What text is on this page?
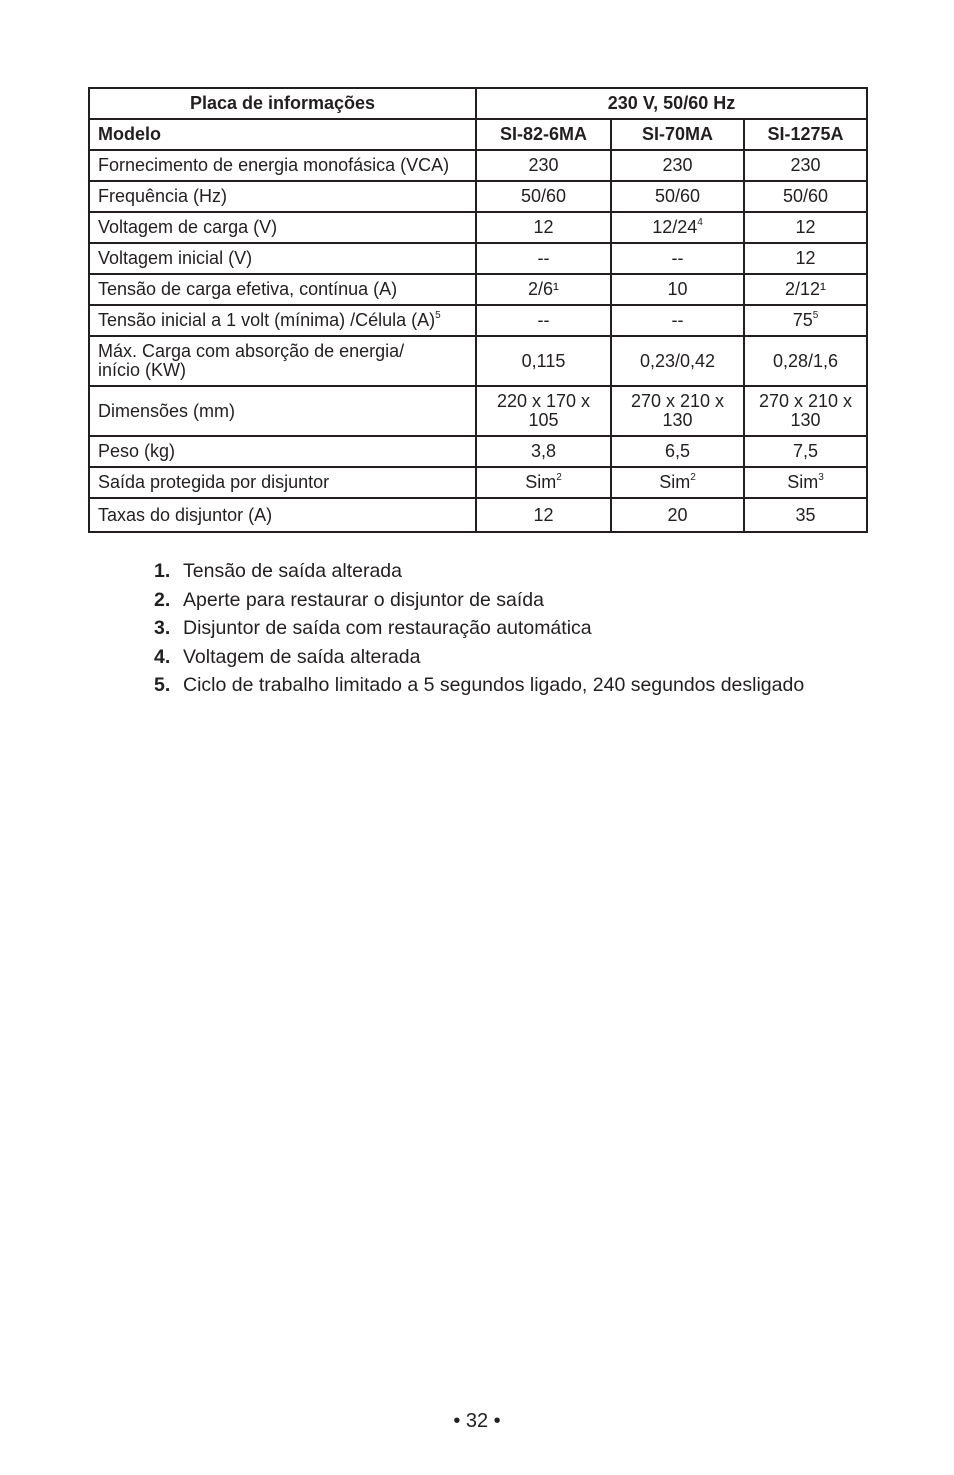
Placa de informações	230 V, 50/60 Hz		
Modelo	SI-82-6MA	SI-70MA	SI-1275A
Fornecimento de energia monofásica (VCA)	230	230	230
Frequência (Hz)	50/60	50/60	50/60
Voltagem de carga (V)	12	$12/24^4$	12
Voltagem inicial (V)	--	--	12
Tensão de carga efetiva, contínua (A)	2/6¹	10	2/12¹
Tensão inicial a 1 volt (mínima) /Célula $(A)^5$	--	--	$75^5$
Máx. Carga com absorção de energia/ início (KW)	0,115	0,23/0,42	0,28/1,6
Dimensões (mm)	220 x 170 x 105	270 x 210 x 130	270 x 210 x 130
Peso (kg)	3,8	6,5	7,5
Saída protegida por disjuntor	Sim$^2$	Sim$^2$	Sim$^3$
Taxas do disjuntor (A)	12	20	35
1. Tensão de saída alterada
2. Aperte para restaurar o disjuntor de saída
3. Disjuntor de saída com restauração automática
4. Voltagem de saída alterada
5. Ciclo de trabalho limitado a 5 segundos ligado, 240 segundos desligado
• 32 •
